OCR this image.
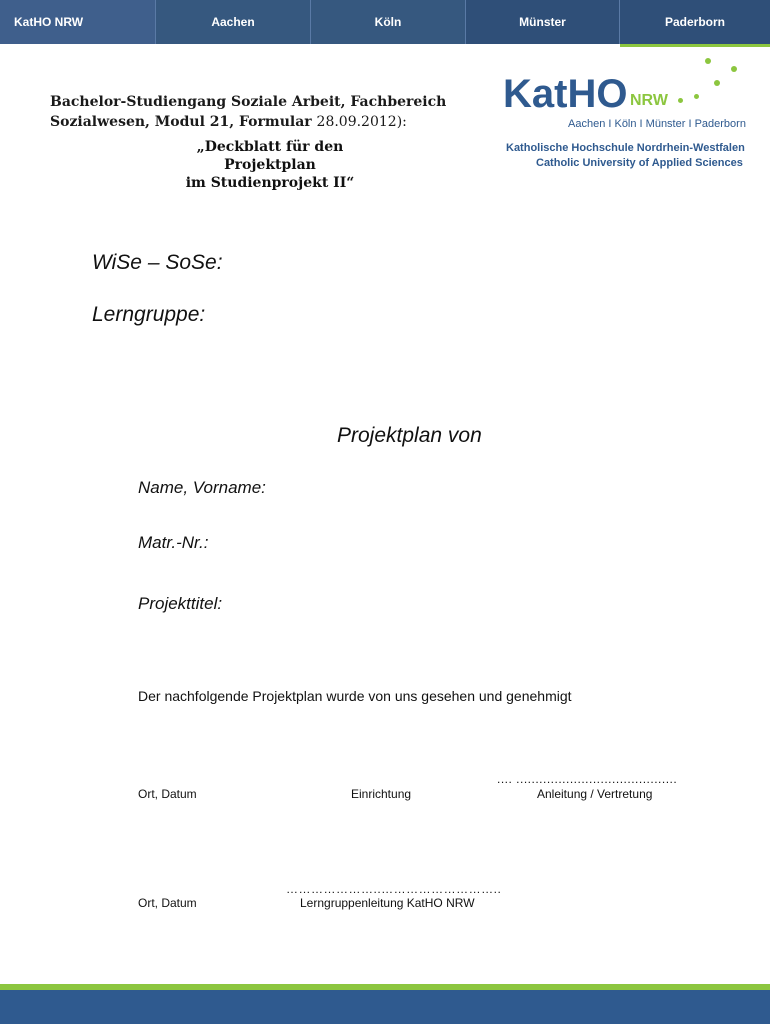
KatHO NRW	Aachen	Köln	Münster	Paderborn
Bachelor-Studiengang Soziale Arbeit, Fachbereich
Sozialwesen, Modul 21, Formular 28.09.2012):
„Deckblatt für den Projektplan
im Studienprojekt II“
KatHO NRW
Aachen I Köln I Münster I Paderborn
Katholische Hochschule Nordrhein-Westfalen
Catholic University of Applied Sciences
WiSe – SoSe:
Lerngruppe:
Projektplan von
Name, Vorname:
Matr.-Nr.:
Projekttitel:
Der nachfolgende Projektplan wurde von uns gesehen und genehmigt
.... ..........................................
Ort, Datum	Einrichtung	Anleitung / Vertretung
…………………..………………………..
Ort, Datum	Lerngruppenleitung KatHO NRW
